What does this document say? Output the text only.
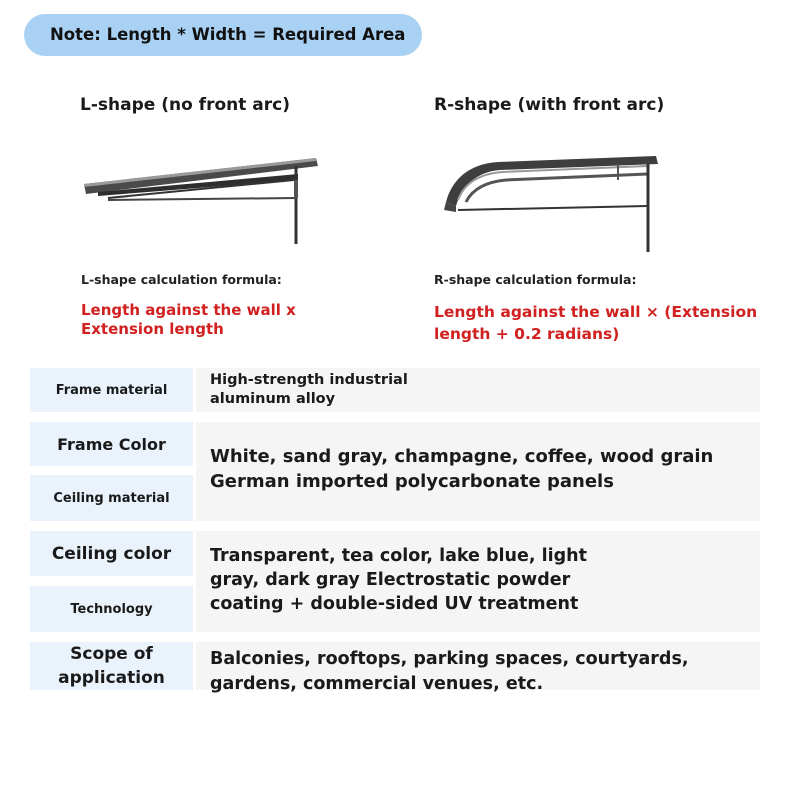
Note: Length * Width = Required Area
L-shape (no front arc)	R-shape (with front arc)
L-shape calculation formula:	R-shape calculation formula:
Length against the wall x
Extension length
Length against the wall × (Extension
length + 0.2 radians)
Frame material
Frame Color
Ceiling material
Ceiling color
Technology
Scope of
application
High-strength industrial
aluminum alloy
White, sand gray, champagne, coffee, wood grain
German imported polycarbonate panels
Transparent, tea color, lake blue, light
gray, dark gray Electrostatic powder
coating + double-sided UV treatment
Balconies, rooftops, parking spaces, courtyards,
gardens, commercial venues, etc.
